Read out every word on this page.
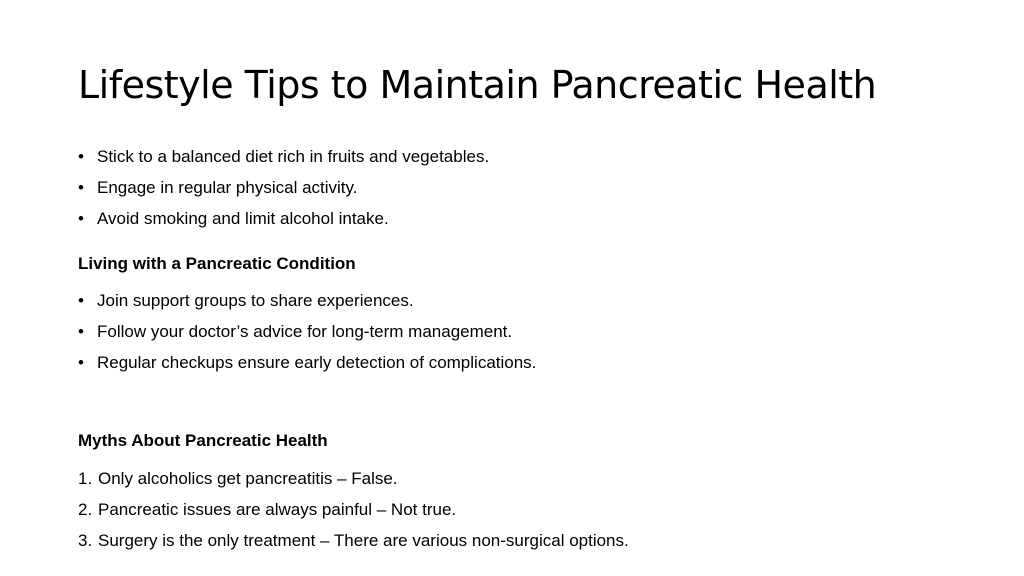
Lifestyle Tips to Maintain Pancreatic Health
• Stick to a balanced diet rich in fruits and vegetables.
• Engage in regular physical activity.
• Avoid smoking and limit alcohol intake.
Living with a Pancreatic Condition
• Join support groups to share experiences.
• Follow your doctor’s advice for long-term management.
• Regular checkups ensure early detection of complications.
Myths About Pancreatic Health
1. Only alcoholics get pancreatitis – False.
2. Pancreatic issues are always painful – Not true.
3. Surgery is the only treatment – There are various non-surgical options.
